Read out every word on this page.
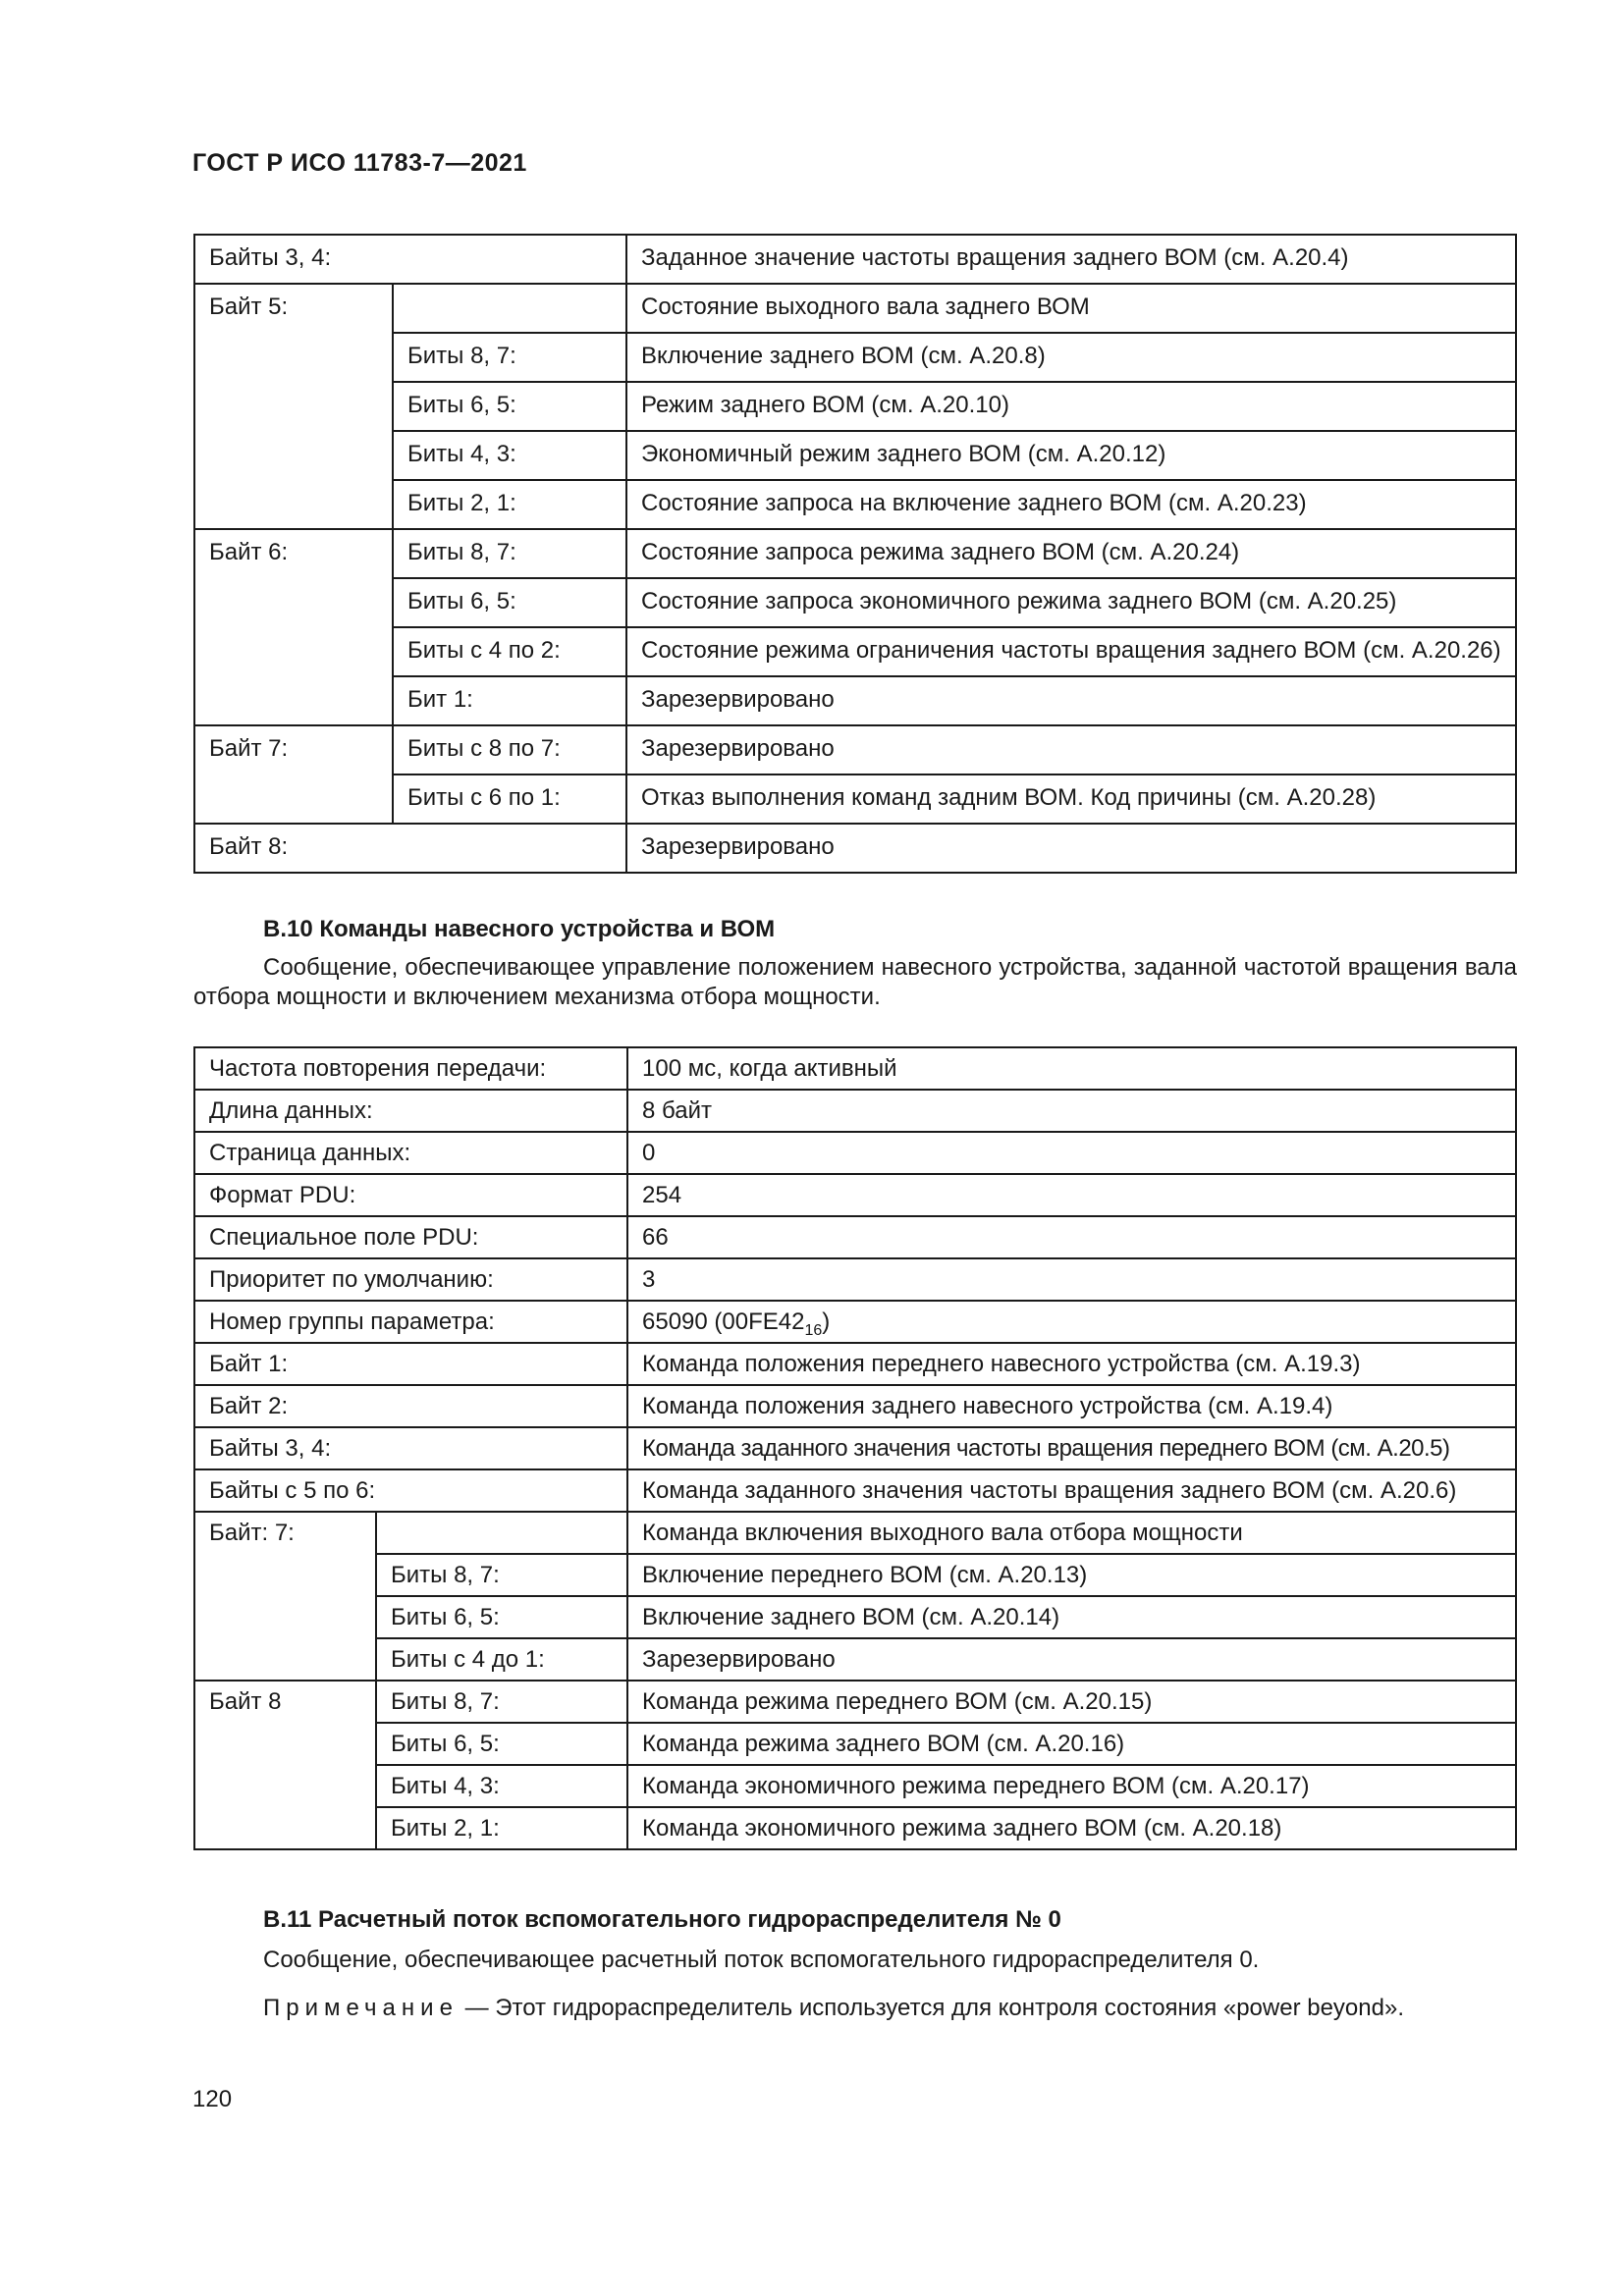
ГОСТ Р ИСО 11783-7—2021
Байты 3, 4:		Заданное значение частоты вращения заднего ВОМ (см. А.20.4)
Байт 5:		Состояние выходного вала заднего ВОМ
	Биты 8, 7:	Включение заднего ВОМ (см. А.20.8)
	Биты 6, 5:	Режим заднего ВОМ (см. А.20.10)
	Биты 4, 3:	Экономичный режим заднего ВОМ (см. А.20.12)
	Биты 2, 1:	Состояние запроса на включение заднего ВОМ (см. А.20.23)
Байт 6:	Биты 8, 7:	Состояние запроса режима заднего ВОМ (см. А.20.24)
	Биты 6, 5:	Состояние запроса экономичного режима заднего ВОМ (см. А.20.25)
	Биты с 4 по 2:	Состояние режима ограничения частоты вращения заднего ВОМ (см. А.20.26)
	Бит 1:	Зарезервировано
Байт 7:	Биты с 8 по 7:	Зарезервировано
	Биты с 6 по 1:	Отказ выполнения команд задним ВОМ. Код причины (см. А.20.28)
Байт 8:		Зарезервировано
B.10 Команды навесного устройства и ВОМ
Сообщение, обеспечивающее управление положением навесного устройства, заданной частотой вращения вала отбора мощности и включением механизма отбора мощности.
Частота повторения передачи:		100 мс, когда активный
Длина данных:		8 байт
Страница данных:		0
Формат PDU:		254
Специальное поле PDU:		66
Приоритет по умолчанию:		3
Номер группы параметра:		65090 $(00FE42_{16})$
Байт 1:		Команда положения переднего навесного устройства (см. А.19.3)
Байт 2:		Команда положения заднего навесного устройства (см. А.19.4)
Байты 3, 4:		Команда заданного значения частоты вращения переднего ВОМ (см. А.20.5)
Байты с 5 по 6:		Команда заданного значения частоты вращения заднего ВОМ (см. А.20.6)
Байт: 7:		Команда включения выходного вала отбора мощности
	Биты 8, 7:	Включение переднего ВОМ (см. А.20.13)
	Биты 6, 5:	Включение заднего ВОМ (см. А.20.14)
	Биты с 4 до 1:	Зарезервировано
Байт 8	Биты 8, 7:	Команда режима переднего ВОМ (см. А.20.15)
	Биты 6, 5:	Команда режима заднего ВОМ (см. А.20.16)
	Биты 4, 3:	Команда экономичного режима переднего ВОМ (см. А.20.17)
	Биты 2, 1:	Команда экономичного режима заднего ВОМ (см. А.20.18)
B.11 Расчетный поток вспомогательного гидрораспределителя № 0
Сообщение, обеспечивающее расчетный поток вспомогательного гидрораспределителя 0.
Примечание — Этот гидрораспределитель используется для контроля состояния «power beyond».
120
